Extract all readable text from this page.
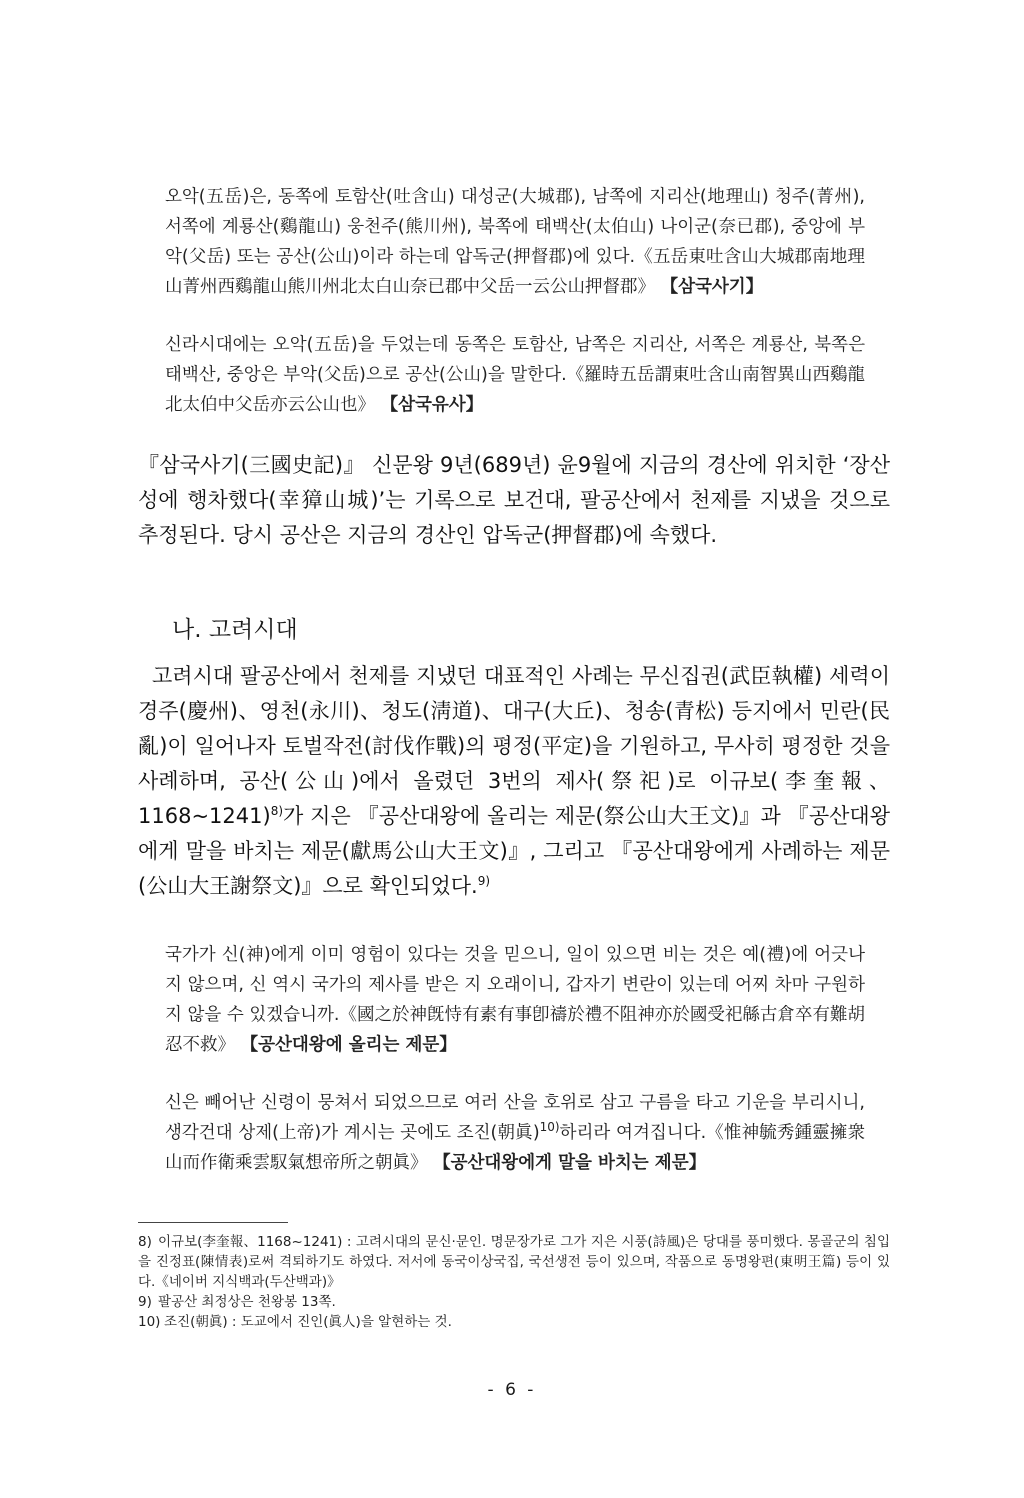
오악(五岳)은, 동쪽에 토함산(吐含山) 대성군(大城郡), 남쪽에 지리산(地理山) 청주(菁州), 서쪽에 계룡산(鷄龍山) 웅천주(熊川州), 북쪽에 태백산(太伯山) 나이군(奈已郡), 중앙에 부악(父岳) 또는 공산(公山)이라 하는데 압독군(押督郡)에 있다.《五岳東吐含山大城郡南地理山菁州西鷄龍山熊川州北太白山奈已郡中父岳一云公山押督郡》 【삼국사기】

신라시대에는 오악(五岳)을 두었는데 동쪽은 토함산, 남쪽은 지리산, 서쪽은 계룡산, 북쪽은 태백산, 중앙은 부악(父岳)으로 공산(公山)을 말한다.《羅時五岳謂東吐含山南智異山西鷄龍北太伯中父岳亦云公山也》 【삼국유사】

『삼국사기(三國史記)』 신문왕 9년(689년) 윤9월에 지금의 경산에 위치한 ‘장산성에 행차했다(幸獐山城)’는 기록으로 보건대, 팔공산에서 천제를 지냈을 것으로 추정된다. 당시 공산은 지금의 경산인 압독군(押督郡)에 속했다.

나. 고려시대

고려시대 팔공산에서 천제를 지냈던 대표적인 사례는 무신집권(武臣執權) 세력이 경주(慶州)、영천(永川)、청도(淸道)、대구(大丘)、청송(青松) 등지에서 민란(民亂)이 일어나자 토벌작전(討伐作戰)의 평정(平定)을 기원하고, 무사히 평정한 것을 사례하며, 공산(公山)에서 올렸던 3번의 제사(祭祀)로 이규보(李奎報、1168~1241)$^{8)}$가 지은 『공산대왕에 올리는 제문(祭公山大王文)』과 『공산대왕에게 말을 바치는 제문(獻馬公山大王文)』, 그리고 『공산대왕에게 사례하는 제문(公山大王謝祭文)』으로 확인되었다.$^{9)}$

국가가 신(神)에게 이미 영험이 있다는 것을 믿으니, 일이 있으면 비는 것은 예(禮)에 어긋나지 않으며, 신 역시 국가의 제사를 받은 지 오래이니, 갑자기 변란이 있는데 어찌 차마 구원하지 않을 수 있겠습니까.《國之於神旣恃有素有事卽禱於禮不阻神亦於國受祀緜古倉卒有難胡忍不救》 【공산대왕에 올리는 제문】

신은 빼어난 신령이 뭉쳐서 되었으므로 여러 산을 호위로 삼고 구름을 타고 기운을 부리시니, 생각건대 상제(上帝)가 계시는 곳에도 조진(朝眞)$^{10)}$하리라 여겨집니다.《惟神毓秀鍾靈擁衆山而作衛乘雲馭氣想帝所之朝眞》 【공산대왕에게 말을 바치는 제문】

8) 이규보(李奎報、1168~1241) : 고려시대의 문신·문인. 명문장가로 그가 지은 시풍(詩風)은 당대를 풍미했다. 몽골군의 침입을 진정표(陳情表)로써 격퇴하기도 하였다. 저서에 동국이상국집, 국선생전 등이 있으며, 작품으로 동명왕편(東明王篇) 등이 있다.《네이버 지식백과(두산백과)》

9) 팔공산 최정상은 천왕봉 13쪽.

10) 조진(朝眞) : 도교에서 진인(眞人)을 알현하는 것.

- 6 -
